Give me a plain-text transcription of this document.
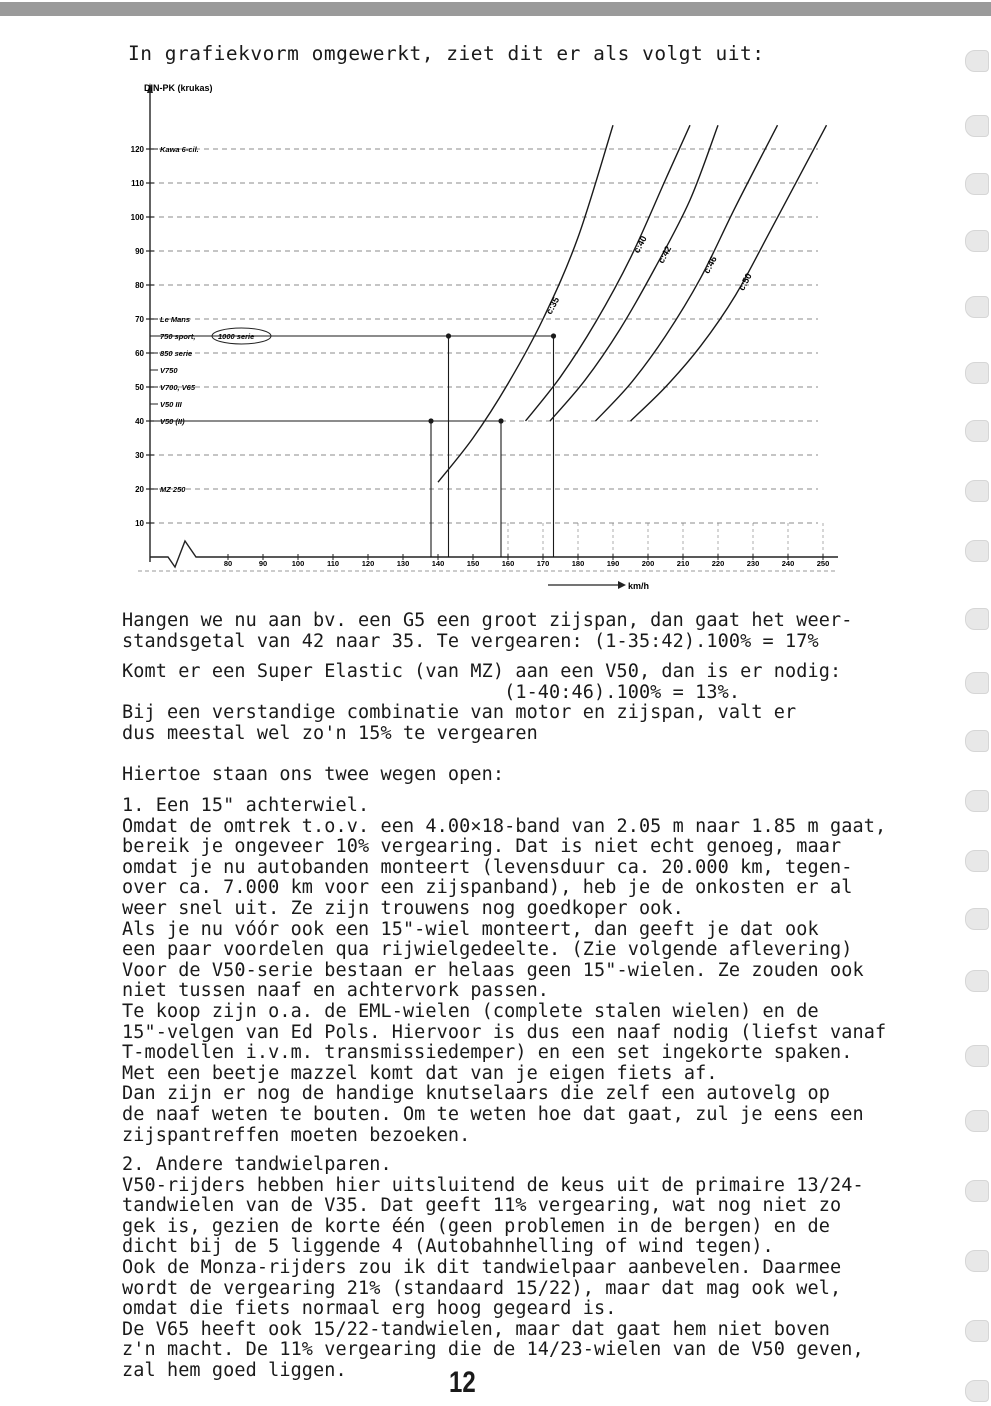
In grafiekvorm omgewerkt, ziet dit er als volgt uit:
10
20
30
40
50
60
70
80
90
100
110
120
80	90	100	110	120	130	140	150	160	170	180	190	200	210	220	230	240	250
Kawa 6-cil.
Le Mans
750 sport,	1000 serie
850 serie
V750
V700, V65
V50 III
V50 (II)
MZ 250
c:35
c:40 c:42	c:46
c:50
DIN-PK (krukas)
km/h
Hangen we nu aan bv. een G5 een groot zijspan, dan gaat het weer-
standsgetal van 42 naar 35. Te vergearen: (1-35:42).100% = 17%
Komt er een Super Elastic (van MZ) aan een V50, dan is er nodig:
(1-40:46).100% = 13%.
Bij een verstandige combinatie van motor en zijspan, valt er
dus meestal wel zo'n 15% te vergearen
Hiertoe staan ons twee wegen open:
1. Een 15" achterwiel.
Omdat de omtrek t.o.v. een 4.00×18-band van 2.05 m naar 1.85 m gaat,
bereik je ongeveer 10% vergearing. Dat is niet echt genoeg, maar
omdat je nu autobanden monteert (levensduur ca. 20.000 km, tegen-
over ca. 7.000 km voor een zijspanband), heb je de onkosten er al
weer snel uit. Ze zijn trouwens nog goedkoper ook.
Als je nu vóór ook een 15"-wiel monteert, dan geeft je dat ook
een paar voordelen qua rijwielgedeelte. (Zie volgende aflevering)
Voor de V50-serie bestaan er helaas geen 15"-wielen. Ze zouden ook
niet tussen naaf en achtervork passen.
Te koop zijn o.a. de EML-wielen (complete stalen wielen) en de
15"-velgen van Ed Pols. Hiervoor is dus een naaf nodig (liefst vanaf
T-modellen i.v.m. transmissiedemper) en een set ingekorte spaken.
Met een beetje mazzel komt dat van je eigen fiets af.
Dan zijn er nog de handige knutselaars die zelf een autovelg op
de naaf weten te bouten. Om te weten hoe dat gaat, zul je eens een
zijspantreffen moeten bezoeken.
2. Andere tandwielparen.
V50-rijders hebben hier uitsluitend de keus uit de primaire 13/24-
tandwielen van de V35. Dat geeft 11% vergearing, wat nog niet zo
gek is, gezien de korte één (geen problemen in de bergen) en de
dicht bij de 5 liggende 4 (Autobahnhelling of wind tegen).
Ook de Monza-rijders zou ik dit tandwielpaar aanbevelen. Daarmee
wordt de vergearing 21% (standaard 15/22), maar dat mag ook wel,
omdat die fiets normaal erg hoog gegeard is.
De V65 heeft ook 15/22-tandwielen, maar dat gaat hem niet boven
z'n macht. De 11% vergearing die de 14/23-wielen van de V50 geven,
zal hem goed liggen.	12
